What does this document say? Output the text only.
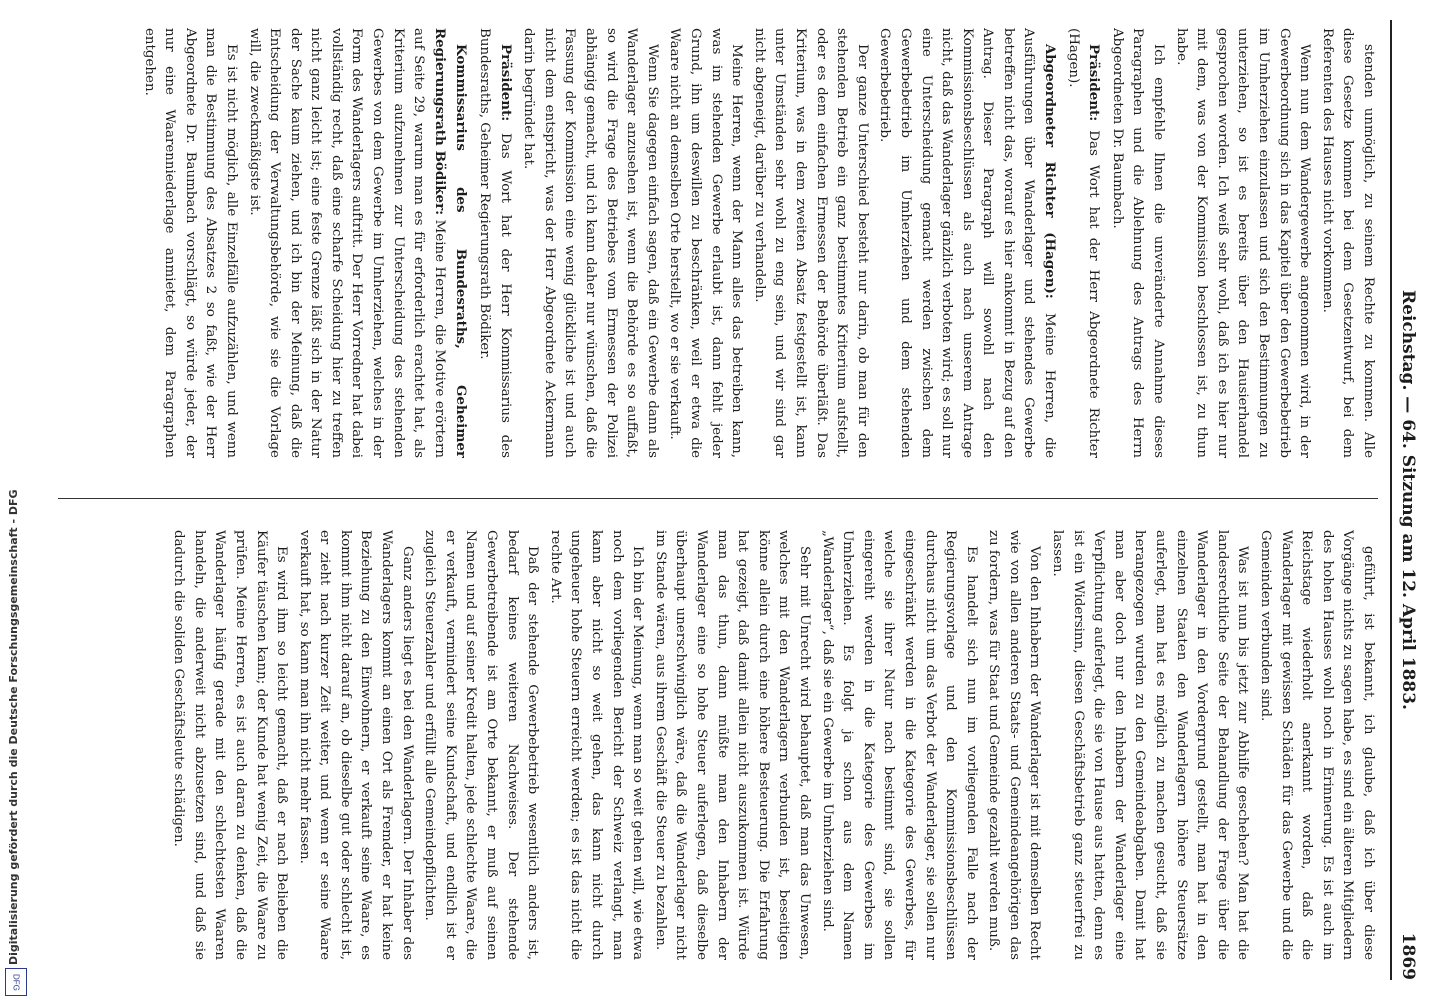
Digitalisierung gefördert durch die Deutsche Forschungsgemeinschaft - DFG
DFG
Reichstag. — 64. Sitzung am 12. April 1883.
1869

stenden unmöglich, zu seinem Rechte zu kommen. Alle diese Gesetze kommen bei dem Gesetzentwurf, bei dem Referenten des Hauses nicht vorkommen.

Wenn nun dem Wandergewerbe angenommen wird, in der Gewerbeordnung sich in das Kapitel über den Gewerbebetrieb im Umherziehen einzulassen und sich den Bestimmungen zu unterziehen, so ist es bereits über den Hausierhandel gesprochen worden. Ich weiß sehr wohl, daß ich es hier nur mit dem, was von der Kommission beschlossen ist, zu thun habe.

Ich empfehle Ihnen die unveränderte Annahme dieses Paragraphen und die Ablehnung des Antrags des Herrn Abgeordneten Dr. Baumbach.

Präsident: Das Wort hat der Herr Abgeordnete Richter (Hagen).

Abgeordneter Richter (Hagen): Meine Herren, die Ausführungen über Wanderlager und stehendes Gewerbe betreffen nicht das, worauf es hier ankommt in Bezug auf den Antrag. Dieser Paragraph will sowohl nach den Kommissionsbeschlüssen als auch nach unserem Antrage nicht, daß das Wanderlager gänzlich verboten wird; es soll nur eine Unterscheidung gemacht werden zwischen dem Gewerbebetrieb im Umherziehen und dem stehenden Gewerbebetrieb.

Der ganze Unterschied besteht nur darin, ob man für den stehenden Betrieb ein ganz bestimmtes Kriterium aufstellt, oder es dem einfachen Ermessen der Behörde überläßt. Das Kriterium, was in dem zweiten Absatz festgestellt ist, kann unter Umständen sehr wohl zu eng sein, und wir sind gar nicht abgeneigt, darüber zu verhandeln.

Meine Herren, wenn der Mann alles das betreiben kann, was im stehenden Gewerbe erlaubt ist, dann fehlt jeder Grund, ihn um deswillen zu beschränken, weil er etwa die Waare nicht an demselben Orte herstellt, wo er sie verkauft.

Wenn Sie dagegen einfach sagen, daß ein Gewerbe dann als Wanderlager anzusehen ist, wenn die Behörde es so auffaßt, so wird die Frage des Betriebes vom Ermessen der Polizei abhängig gemacht, und ich kann daher nur wünschen, daß die Fassung der Kommission eine wenig glückliche ist und auch nicht dem entspricht, was der Herr Abgeordnete Ackermann darin begründet hat.

Präsident: Das Wort hat der Herr Kommissarius des Bundesraths, Geheimer Regierungsrath Bödiker.

Kommissarius des Bundesraths, Geheimer Regierungsrath Bödiker: Meine Herren, die Motive erörtern auf Seite 29, warum man es für erforderlich erachtet hat, als Kriterium aufzunehmen zur Unterscheidung des stehenden Gewerbes von dem Gewerbe im Umherziehen, welches in der Form des Wanderlagers auftritt. Der Herr Vorredner hat dabei vollständig recht, daß eine scharfe Scheidung hier zu treffen nicht ganz leicht ist; eine feste Grenze läßt sich in der Natur der Sache kaum ziehen, und ich bin der Meinung, daß die Entscheidung der Verwaltungsbehörde, wie sie die Vorlage will, die zweckmäßigste ist.

Es ist nicht möglich, alle Einzelfälle aufzuzählen, und wenn man die Bestimmung des Absatzes 2 so faßt, wie der Herr Abgeordnete Dr. Baumbach vorschlägt, so würde jeder, der nur eine Waarenniederlage anmietet, dem Paragraphen entgehen.

geführt, ist bekannt, ich glaube, daß ich über diese Vorgänge nichts zu sagen habe, es sind ein älteren Mitgliedern des hohen Hauses wohl noch in Erinnerung. Es ist auch im Reichstage wiederholt anerkannt worden, daß die Wanderlager mit gewissen Schäden für das Gewerbe und die Gemeinden verbunden sind.

Was ist nun bis jetzt zur Abhilfe geschehen? Man hat die landesrechtliche Seite der Behandlung der Frage über die Wanderlager in den Vordergrund gestellt, man hat in den einzelnen Staaten den Wanderlagern höhere Steuersätze auferlegt, man hat es möglich zu machen gesucht, daß sie herangezogen wurden zu den Gemeindeabgaben. Damit hat man aber doch nur den Inhabern der Wanderlager eine Verpflichtung auferlegt, die sie von Hause aus hatten, denn es ist ein Widersinn, diesen Geschäftsbetrieb ganz steuerfrei zu lassen.

Von den Inhabern der Wanderlager ist mit demselben Recht wie von allen anderen Staats- und Gemeindeangehörigen das zu fordern, was für Staat und Gemeinde gezahlt werden muß.

Es handelt sich nun im vorliegenden Falle nach der Regierungsvorlage und den Kommissionsbeschlüssen durchaus nicht um das Verbot der Wanderlager, sie sollen nur eingeschränkt werden in die Kategorie des Gewerbes, für welche sie ihrer Natur nach bestimmt sind, sie sollen eingereiht werden in die Kategorie des Gewerbes im Umherziehen. Es folgt ja schon aus dem Namen „Wanderlager“, daß sie ein Gewerbe im Umherziehen sind.

Sehr mit Unrecht wird behauptet, daß man das Unwesen, welches mit den Wanderlagern verbunden ist, beseitigen könne allein durch eine höhere Besteuerung. Die Erfahrung hat gezeigt, daß damit allein nicht auszukommen ist. Würde man das thun, dann müßte man den Inhabern der Wanderlager eine so hohe Steuer auferlegen, daß dieselbe überhaupt unerschwinglich wäre, daß die Wanderlager nicht im Stande wären, aus ihrem Geschäft die Steuer zu bezahlen.

Ich bin der Meinung, wenn man so weit gehen will, wie etwa noch dem vorliegenden Bericht der Schweiz verlangt, man kann aber nicht so weit gehen, das kann nicht durch ungeheuer hohe Steuern erreicht werden; es ist das nicht die rechte Art.

Daß der stehende Gewerbebetrieb wesentlich anders ist, bedarf keines weiteren Nachweises. Der stehende Gewerbetreibende ist am Orte bekannt, er muß auf seinen Namen und auf seiner Kredit halten, jede schlechte Waare, die er verkauft, vermindert seine Kundschaft, und endlich ist er zugleich Steuerzahler und erfüllt alle Gemeindepflichten.

Ganz anders liegt es bei den Wanderlagern. Der Inhaber des Wanderlagers kommt an einen Ort als Fremder, er hat keine Beziehung zu den Einwohnern, er verkauft seine Waare, es kommt ihm nicht darauf an, ob dieselbe gut oder schlecht ist, er zieht nach kurzer Zeit weiter, und wenn er seine Waare verkauft hat, so kann man ihn nicht mehr fassen.

Es wird ihm so leicht gemacht, daß er nach Belieben die Käufer täuschen kann; der Kunde hat wenig Zeit, die Waare zu prüfen. Meine Herren, es ist auch daran zu denken, daß die Wanderlager häufig gerade mit den schlechtesten Waaren handeln, die anderweit nicht abzusetzen sind, und daß sie dadurch die soliden Geschäftsleute schädigen.
